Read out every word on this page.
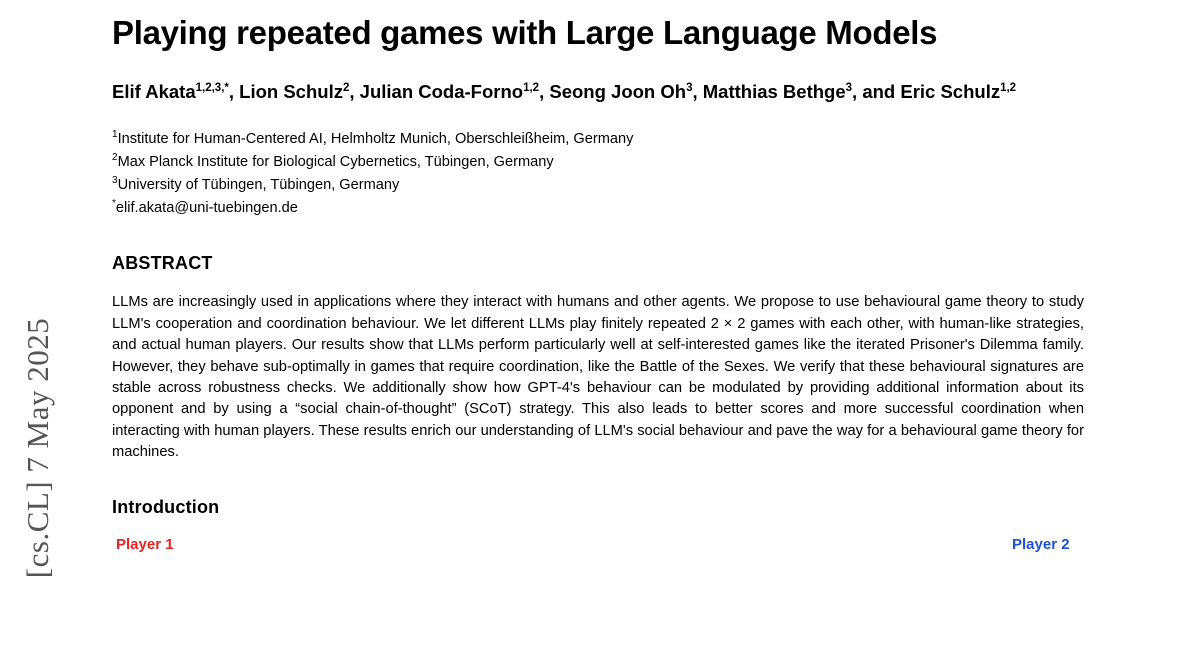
[cs.CL] 7 May 2025
Playing repeated games with Large Language Models
Elif Akata$^{1,2,3,*}$, Lion Schulz$^2$, Julian Coda-Forno$^{1,2}$, Seong Joon Oh$^3$, Matthias Bethge$^3$, and Eric Schulz$^{1,2}$
$^1$Institute for Human-Centered AI, Helmholtz Munich, Oberschleißheim, Germany
$^2$Max Planck Institute for Biological Cybernetics, Tübingen, Germany
$^3$University of Tübingen, Tübingen, Germany
*elif.akata@uni-tuebingen.de
ABSTRACT

LLMs are increasingly used in applications where they interact with humans and other agents. We propose to use behavioural game theory to study LLM's cooperation and coordination behaviour. We let different LLMs play finitely repeated 2 × 2 games with each other, with human-like strategies, and actual human players. Our results show that LLMs perform particularly well at self-interested games like the iterated Prisoner's Dilemma family. However, they behave sub-optimally in games that require coordination, like the Battle of the Sexes. We verify that these behavioural signatures are stable across robustness checks. We additionally show how GPT-4's behaviour can be modulated by providing additional information about its opponent and by using a “social chain-of-thought” (SCoT) strategy. This also leads to better scores and more successful coordination when interacting with human players. These results enrich our understanding of LLM's social behaviour and pave the way for a behavioural game theory for machines.

Introduction
Player 1	Player 2
